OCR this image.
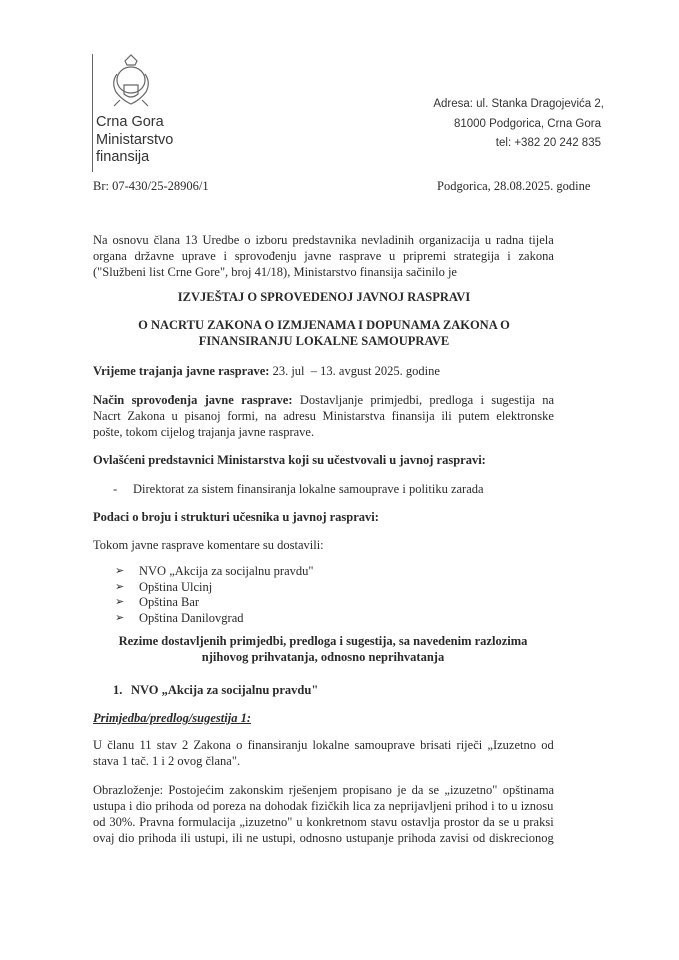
Crna Gora
Ministarstvo
finansija
Adresa: ul. Stanka Dragojevića 2,
81000 Podgorica, Crna Gora
tel: +382 20 242 835
Br: 07-430/25-28906/1	Podgorica, 28.08.2025. godine
Na osnovu člana 13 Uredbe o izboru predstavnika nevladinih organizacija u radna tijela
organa državne uprave i sprovođenju javne rasprave u pripremi strategija i zakona
("Službeni list Crne Gore", broj 41/18), Ministarstvo finansija sačinilo je
IZVJEŠTAJ O SPROVEDENOJ JAVNOJ RASPRAVI
O NACRTU ZAKONA O IZMJENAMA I DOPUNAMA ZAKONA O
FINANSIRANJU LOKALNE SAMOUPRAVE
Vrijeme trajanja javne rasprave: 23. jul  – 13. avgust 2025. godine
Način sprovođenja javne rasprave: Dostavljanje primjedbi, predloga i sugestija na
Nacrt Zakona u pisanoj formi, na adresu Ministarstva finansija ili putem elektronske
pošte, tokom cijelog trajanja javne rasprave.
Ovlašćeni predstavnici Ministarstva koji su učestvovali u javnoj raspravi:
- Direktorat za sistem finansiranja lokalne samouprave i politiku zarada
Podaci o broju i strukturi učesnika u javnoj raspravi:
Tokom javne rasprave komentare su dostavili:
➢ NVO „Akcija za socijalnu pravdu"
➢ Opština Ulcinj
➢ Opština Bar
➢ Opština Danilovgrad
Rezime dostavljenih primjedbi, predloga i sugestija, sa navedenim razlozima
njihovog prihvatanja, odnosno neprihvatanja
1. NVO „Akcija za socijalnu pravdu"
Primjedba/predlog/sugestija 1:
U članu 11 stav 2 Zakona o finansiranju lokalne samouprave brisati riječi „Izuzetno od
stava 1 tač. 1 i 2 ovog člana".
Obrazloženje: Postojećim zakonskim rješenjem propisano je da se „izuzetno" opštinama
ustupa i dio prihoda od poreza na dohodak fizičkih lica za neprijavljeni prihod i to u iznosu
od 30%. Pravna formulacija „izuzetno" u konkretnom stavu ostavlja prostor da se u praksi
ovaj dio prihoda ili ustupi, ili ne ustupi, odnosno ustupanje prihoda zavisi od diskrecionog
